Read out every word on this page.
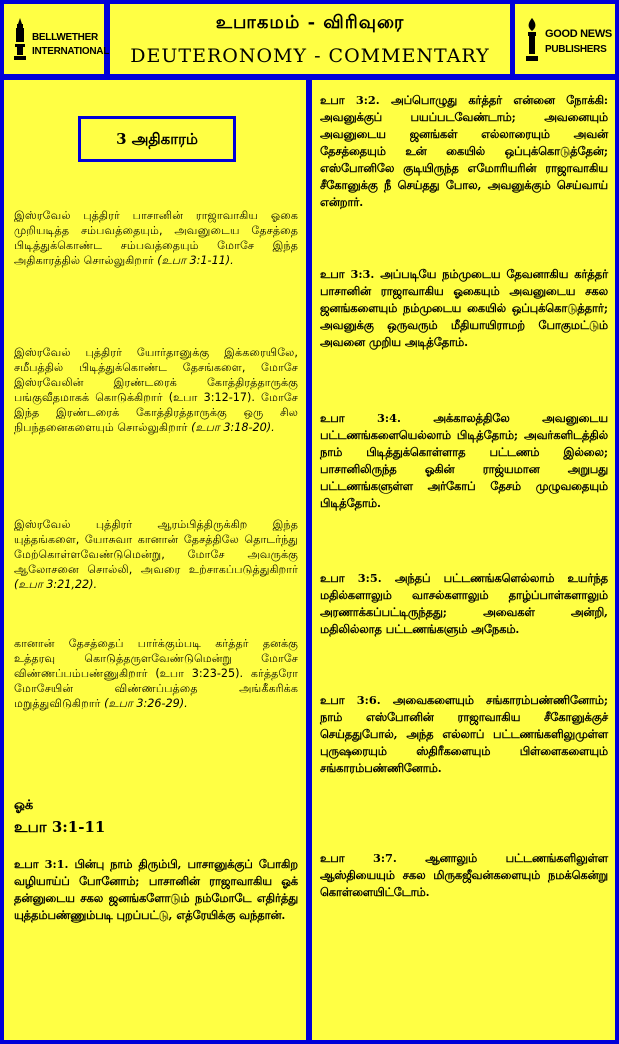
BELLWETHER
INTERNATIONAL
உபாகமம் - விரிவுரை
DEUTERONOMY - COMMENTARY
GOOD NEWS
PUBLISHERS
3 அதிகாரம்
இஸ்ரவேல் புத்திரர் பாசானின் ராஜாவாகிய ஓகை முறியடித்த சம்பவத்தையும், அவனுடைய தேசத்தை பிடித்துக்கொண்ட சம்பவத்தையும் மோசே இந்த அதிகாரத்தில் சொல்லுகிறார் (உபா 3:1-11).
இஸ்ரவேல் புத்திரர் யோர்தானுக்கு இக்கரையிலே, சமீபத்தில் பிடித்துக்கொண்ட தேசங்களை, மோசே இஸ்ரவேலின் இரண்டரைக் கோத்திரத்தாருக்கு பங்குவீதமாகக் கொடுக்கிறார் (உபா 3:12-17). மோசே இந்த இரண்டரைக் கோத்திரத்தாருக்கு ஒரு சில நிபந்தனைகளையும் சொல்லுகிறார் (உபா 3:18-20).
இஸ்ரவேல் புத்திரர் ஆரம்பித்திருக்கிற இந்த யுத்தங்களை, யோசுவா கானான் தேசத்திலே தொடர்ந்து மேற்கொள்ளவேண்டுமென்று, மோசே அவருக்கு ஆலோசனை சொல்லி, அவரை உற்சாகப்படுத்துகிறார் (உபா 3:21,22).
கானான் தேசத்தைப் பார்க்கும்படி கர்த்தர் தனக்கு உத்தரவு கொடுத்தருளவேண்டுமென்று மோசே விண்ணப்பம்பண்ணுகிறார் (உபா 3:23-25). கர்த்தரோ மோசேயின் விண்ணப்பத்தை அங்கீகரிக்க மறுத்துவிடுகிறார் (உபா 3:26-29).
ஓக்
உபா 3:1-11
உபா 3:1. பின்பு நாம் திரும்பி, பாசானுக்குப் போகிற வழியாய்ப் போனோம்; பாசானின் ராஜாவாகிய ஓக் தன்னுடைய சகல ஜனங்களோடும் நம்மோடே எதிர்த்து யுத்தம்பண்ணும்படி புறப்பட்டு, எத்ரேயிக்கு வந்தான்.
உபா 3:2. அப்பொழுது கர்த்தர் என்னை நோக்கி: அவனுக்குப் பயப்படவேண்டாம்; அவனையும் அவனுடைய ஜனங்கள் எல்லாரையும் அவன் தேசத்தையும் உன் கையில் ஒப்புக்கொடுத்தேன்; எஸ்போனிலே குடியிருந்த எமோரியரின் ராஜாவாகிய சீகோனுக்கு நீ செய்தது போல, அவனுக்கும் செய்வாய் என்றார்.
உபா 3:3. அப்படியே நம்முடைய தேவனாகிய கர்த்தர் பாசானின் ராஜாவாகிய ஓகையும் அவனுடைய சகல ஜனங்களையும் நம்முடைய கையில் ஒப்புக்கொடுத்தார்; அவனுக்கு ஒருவரும் மீதியாயிராமற் போகுமட்டும் அவனை முறிய அடித்தோம்.
உபா 3:4. அக்காலத்திலே அவனுடைய பட்டணங்களையெல்லாம் பிடித்தோம்; அவர்களிடத்தில் நாம் பிடித்துக்கொள்ளாத பட்டணம் இல்லை; பாசானிலிருந்த ஓகின் ராஜ்யமான அறுபது பட்டணங்களுள்ள அர்கோப் தேசம் முழுவதையும் பிடித்தோம்.
உபா 3:5. அந்தப் பட்டணங்களெல்லாம் உயர்ந்த மதில்களாலும் வாசல்களாலும் தாழ்ப்பாள்களாலும் அரணாக்கப்பட்டிருந்தது; அவைகள் அன்றி, மதிலில்லாத பட்டணங்களும் அநேகம்.
உபா 3:6. அவைகளையும் சங்காரம்பண்ணினோம்; நாம் எஸ்போனின் ராஜாவாகிய சீகோனுக்குச் செய்ததுபோல், அந்த எல்லாப் பட்டணங்களிலுமுள்ள புருஷரையும் ஸ்திரீகளையும் பிள்ளைகளையும் சங்காரம்பண்ணினோம்.
உபா 3:7. ஆனாலும் பட்டணங்களிலுள்ள ஆஸ்தியையும் சகல மிருகஜீவன்களையும் நமக்கென்று கொள்ளையிட்டோம்.
